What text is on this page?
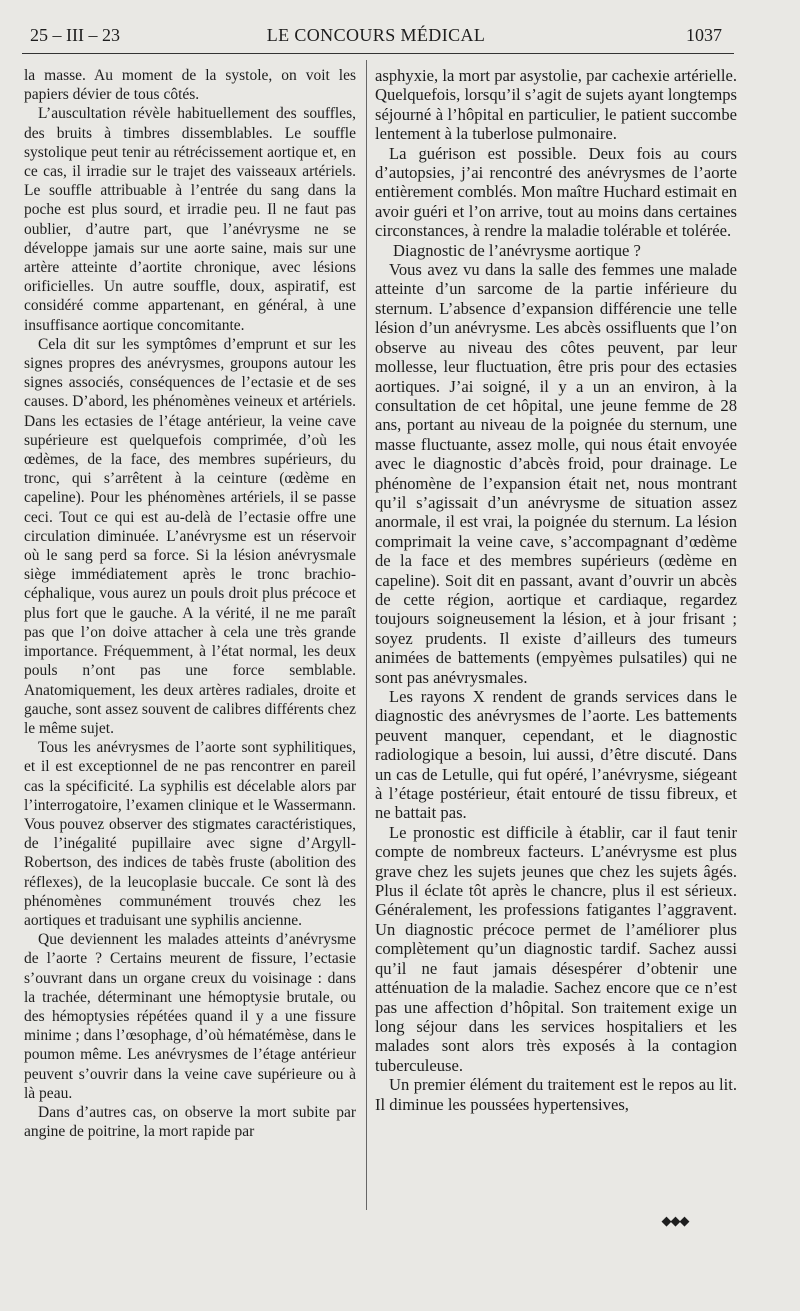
25 – III – 23	LE CONCOURS MÉDICAL	1037

la masse. Au moment de la systole, on voit les papiers dévier de tous côtés.

L’auscultation révèle habituellement des souffles, des bruits à timbres dissemblables. Le souffle systolique peut tenir au rétrécissement aortique et, en ce cas, il irradie sur le trajet des vaisseaux artériels. Le souffle attribuable à l’entrée du sang dans la poche est plus sourd, et irradie peu. Il ne faut pas oublier, d’autre part, que l’anévrysme ne se développe jamais sur une aorte saine, mais sur une artère atteinte d’aortite chronique, avec lésions orificielles. Un autre souffle, doux, aspiratif, est considéré comme appartenant, en général, à une insuffisance aortique concomitante.

Cela dit sur les symptômes d’emprunt et sur les signes propres des anévrysmes, groupons autour les signes associés, conséquences de l’ectasie et de ses causes. D’abord, les phénomènes veineux et artériels. Dans les ectasies de l’étage antérieur, la veine cave supérieure est quelquefois comprimée, d’où les œdèmes, de la face, des membres supérieurs, du tronc, qui s’arrêtent à la ceinture (œdème en capeline). Pour les phénomènes artériels, il se passe ceci. Tout ce qui est au-delà de l’ectasie offre une circulation diminuée. L’anévrysme est un réservoir où le sang perd sa force. Si la lésion anévrysmale siège immédiatement après le tronc brachio-céphalique, vous aurez un pouls droit plus précoce et plus fort que le gauche. A la vérité, il ne me paraît pas que l’on doive attacher à cela une très grande importance. Fréquemment, à l’état normal, les deux pouls n’ont pas une force semblable. Anatomiquement, les deux artères radiales, droite et gauche, sont assez souvent de calibres différents chez le même sujet.

Tous les anévrysmes de l’aorte sont syphilitiques, et il est exceptionnel de ne pas rencontrer en pareil cas la spécificité. La syphilis est décelable alors par l’interrogatoire, l’examen clinique et le Wassermann. Vous pouvez observer des stigmates caractéristiques, de l’inégalité pupillaire avec signe d’Argyll-Robertson, des indices de tabès fruste (abolition des réflexes), de la leucoplasie buccale. Ce sont là des phénomènes communément trouvés chez les aortiques et traduisant une syphilis ancienne.

Que deviennent les malades atteints d’anévrysme de l’aorte ? Certains meurent de fissure, l’ectasie s’ouvrant dans un organe creux du voisinage : dans la trachée, déterminant une hémoptysie brutale, ou des hémoptysies répétées quand il y a une fissure minime ; dans l’œsophage, d’où hématémèse, dans le poumon même. Les anévrysmes de l’étage antérieur peuvent s’ouvrir dans la veine cave supérieure ou à là peau.

Dans d’autres cas, on observe la mort subite par angine de poitrine, la mort rapide par

asphyxie, la mort par asystolie, par cachexie artérielle. Quelquefois, lorsqu’il s’agit de sujets ayant longtemps séjourné à l’hôpital en particulier, le patient succombe lentement à la tuberlose pulmonaire.

La guérison est possible. Deux fois au cours d’autopsies, j’ai rencontré des anévrysmes de l’aorte entièrement comblés. Mon maître Huchard estimait en avoir guéri et l’on arrive, tout au moins dans certaines circonstances, à rendre la maladie tolérable et tolérée.

Diagnostic de l’anévrysme aortique ?

Vous avez vu dans la salle des femmes une malade atteinte d’un sarcome de la partie inférieure du sternum. L’absence d’expansion différencie une telle lésion d’un anévrysme. Les abcès ossifluents que l’on observe au niveau des côtes peuvent, par leur mollesse, leur fluctuation, être pris pour des ectasies aortiques. J’ai soigné, il y a un an environ, à la consultation de cet hôpital, une jeune femme de 28 ans, portant au niveau de la poignée du sternum, une masse fluctuante, assez molle, qui nous était envoyée avec le diagnostic d’abcès froid, pour drainage. Le phénomène de l’expansion était net, nous montrant qu’il s’agissait d’un anévrysme de situation assez anormale, il est vrai, la poignée du sternum. La lésion comprimait la veine cave, s’accompagnant d’œdème de la face et des membres supérieurs (œdème en capeline). Soit dit en passant, avant d’ouvrir un abcès de cette région, aortique et cardiaque, regardez toujours soigneusement la lésion, et à jour frisant ; soyez prudents. Il existe d’ailleurs des tumeurs animées de battements (empyèmes pulsatiles) qui ne sont pas anévrysmales.

Les rayons X rendent de grands services dans le diagnostic des anévrysmes de l’aorte. Les battements peuvent manquer, cependant, et le diagnostic radiologique a besoin, lui aussi, d’être discuté. Dans un cas de Letulle, qui fut opéré, l’anévrysme, siégeant à l’étage postérieur, était entouré de tissu fibreux, et ne battait pas.

Le pronostic est difficile à établir, car il faut tenir compte de nombreux facteurs. L’anévrysme est plus grave chez les sujets jeunes que chez les sujets âgés. Plus il éclate tôt après le chancre, plus il est sérieux. Généralement, les professions fatigantes l’aggravent. Un diagnostic précoce permet de l’améliorer plus complètement qu’un diagnostic tardif. Sachez aussi qu’il ne faut jamais désespérer d’obtenir une atténuation de la maladie. Sachez encore que ce n’est pas une affection d’hôpital. Son traitement exige un long séjour dans les services hospitaliers et les malades sont alors très exposés à la contagion tuberculeuse.

Un premier élément du traitement est le repos au lit. Il diminue les poussées hypertensives,

◆◆◆
